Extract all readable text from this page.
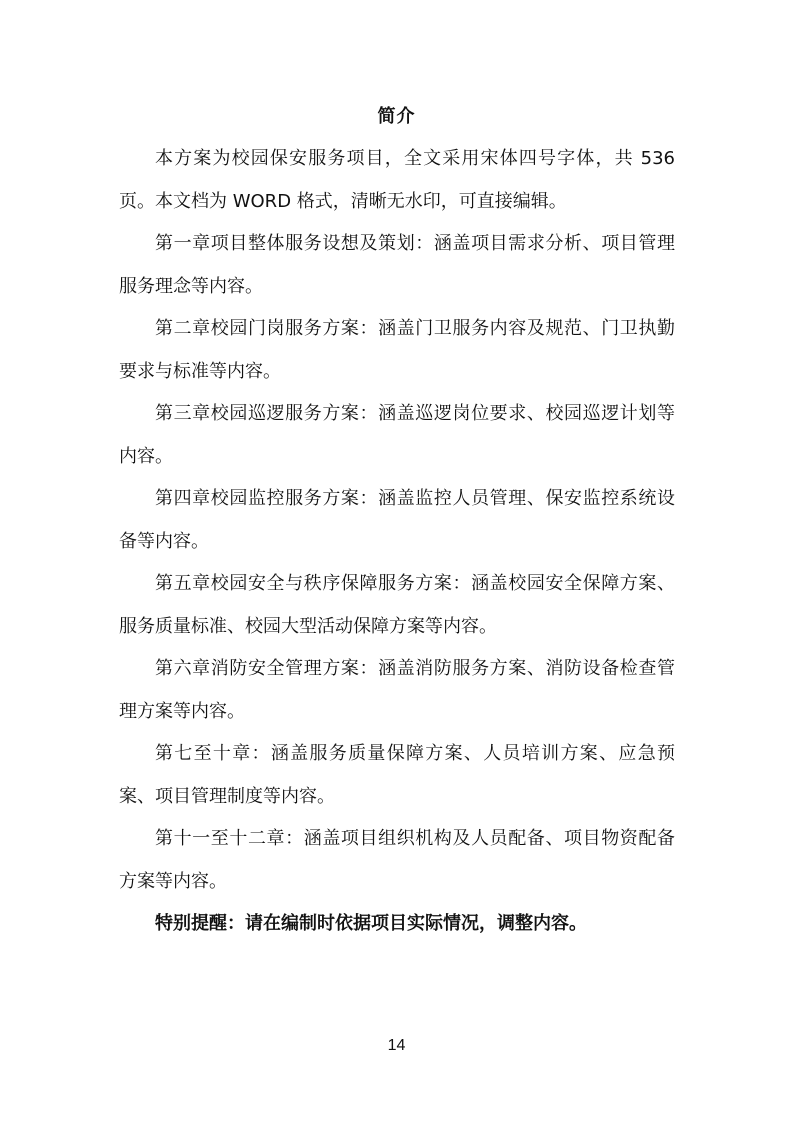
简介

本方案为校园保安服务项目，全文采用宋体四号字体，共 536 页。本文档为 WORD 格式，清晰无水印，可直接编辑。

第一章项目整体服务设想及策划：涵盖项目需求分析、项目管理服务理念等内容。

第二章校园门岗服务方案：涵盖门卫服务内容及规范、门卫执勤要求与标准等内容。

第三章校园巡逻服务方案：涵盖巡逻岗位要求、校园巡逻计划等内容。

第四章校园监控服务方案：涵盖监控人员管理、保安监控系统设备等内容。

第五章校园安全与秩序保障服务方案：涵盖校园安全保障方案、服务质量标准、校园大型活动保障方案等内容。

第六章消防安全管理方案：涵盖消防服务方案、消防设备检查管理方案等内容。

第七至十章：涵盖服务质量保障方案、人员培训方案、应急预案、项目管理制度等内容。

第十一至十二章：涵盖项目组织机构及人员配备、项目物资配备方案等内容。

特别提醒：请在编制时依据项目实际情况，调整内容。

14
